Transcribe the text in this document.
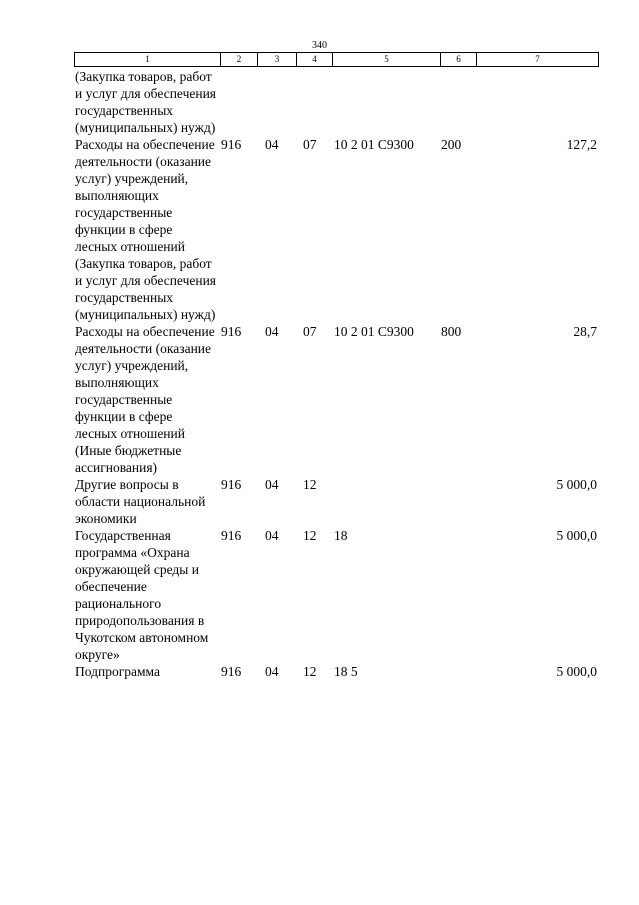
340
1	2	3	4	5	6	7
(Закупка товаров, работ и услуг для обеспечения государственных (муниципальных) нужд)						
Расходы на обеспечение деятельности (оказание услуг) учреждений, выполняющих государственные функции в сфере лесных отношений (Закупка товаров, работ и услуг для обеспечения государственных (муниципальных) нужд)	916	04	07	10 2 01 С9300	200	127,2
Расходы на обеспечение деятельности (оказание услуг) учреждений, выполняющих государственные функции в сфере лесных отношений (Иные бюджетные ассигнования)	916	04	07	10 2 01 С9300	800	28,7
Другие вопросы в области национальной экономики	916	04	12			5 000,0
Государственная программа «Охрана окружающей среды и обеспечение рационального природопользования в Чукотском автономном округе»	916	04	12	18		5 000,0
Подпрограмма	916	04	12	18 5		5 000,0
